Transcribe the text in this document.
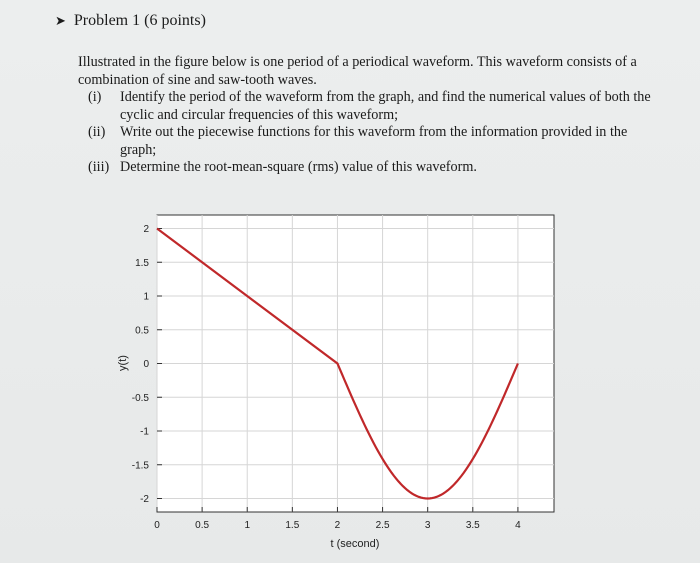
➤ Problem 1 (6 points)

Illustrated in the figure below is one period of a periodical waveform. This waveform consists of a combination of sine and saw-tooth waves.

(i) Identify the period of the waveform from the graph, and find the numerical values of both the cyclic and circular frequencies of this waveform;
(ii) Write out the piecewise functions for this waveform from the information provided in the graph;
(iii) Determine the root-mean-square (rms) value of this waveform.
0	0.5	1	1.5	2	2.5	3	3.5	4
2
1.5
1
0.5
0
-0.5
-1
-1.5
-2
t (second)
y(t)
